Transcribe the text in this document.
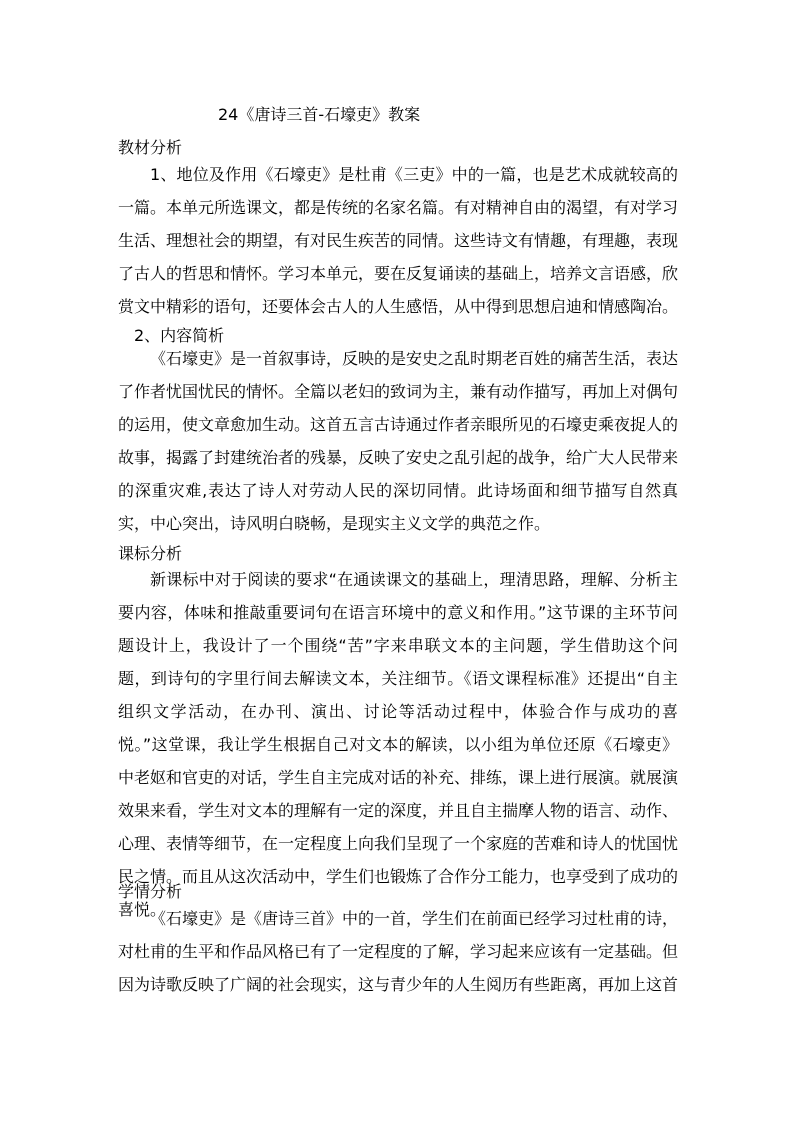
24《唐诗三首-石壕吏》教案
教材分析

1、地位及作用《石壕吏》是杜甫《三吏》中的一篇，也是艺术成就较高的一篇。本单元所选课文，都是传统的名家名篇。有对精神自由的渴望，有对学习生活、理想社会的期望，有对民生疾苦的同情。这些诗文有情趣，有理趣，表现了古人的哲思和情怀。学习本单元，要在反复诵读的基础上，培养文言语感，欣赏文中精彩的语句，还要体会古人的人生感悟，从中得到思想启迪和情感陶冶。

2、内容简析

《石壕吏》是一首叙事诗，反映的是安史之乱时期老百姓的痛苦生活，表达了作者忧国忧民的情怀。全篇以老妇的致词为主，兼有动作描写，再加上对偶句的运用，使文章愈加生动。这首五言古诗通过作者亲眼所见的石壕吏乘夜捉人的故事，揭露了封建统治者的残暴，反映了安史之乱引起的战争，给广大人民带来的深重灾难,表达了诗人对劳动人民的深切同情。此诗场面和细节描写自然真实，中心突出，诗风明白晓畅，是现实主义文学的典范之作。

课标分析

新课标中对于阅读的要求“在通读课文的基础上，理清思路，理解、分析主要内容，体味和推敲重要词句在语言环境中的意义和作用。”这节课的主环节问题设计上，我设计了一个围绕“苦”字来串联文本的主问题，学生借助这个问题，到诗句的字里行间去解读文本，关注细节。《语文课程标准》还提出“自主组织文学活动，在办刊、演出、讨论等活动过程中，体验合作与成功的喜悦。”这堂课，我让学生根据自己对文本的解读，以小组为单位还原《石壕吏》中老妪和官吏的对话，学生自主完成对话的补充、排练，课上进行展演。就展演效果来看，学生对文本的理解有一定的深度，并且自主揣摩人物的语言、动作、心理、表情等细节，在一定程度上向我们呈现了一个家庭的苦难和诗人的忧国忧民之情。而且从这次活动中，学生们也锻炼了合作分工能力，也享受到了成功的喜悦。

学情分析

《石壕吏》是《唐诗三首》中的一首，学生们在前面已经学习过杜甫的诗，对杜甫的生平和作品风格已有了一定程度的了解，学习起来应该有一定基础。但因为诗歌反映了广阔的社会现实，这与青少年的人生阅历有些距离，再加上这首
